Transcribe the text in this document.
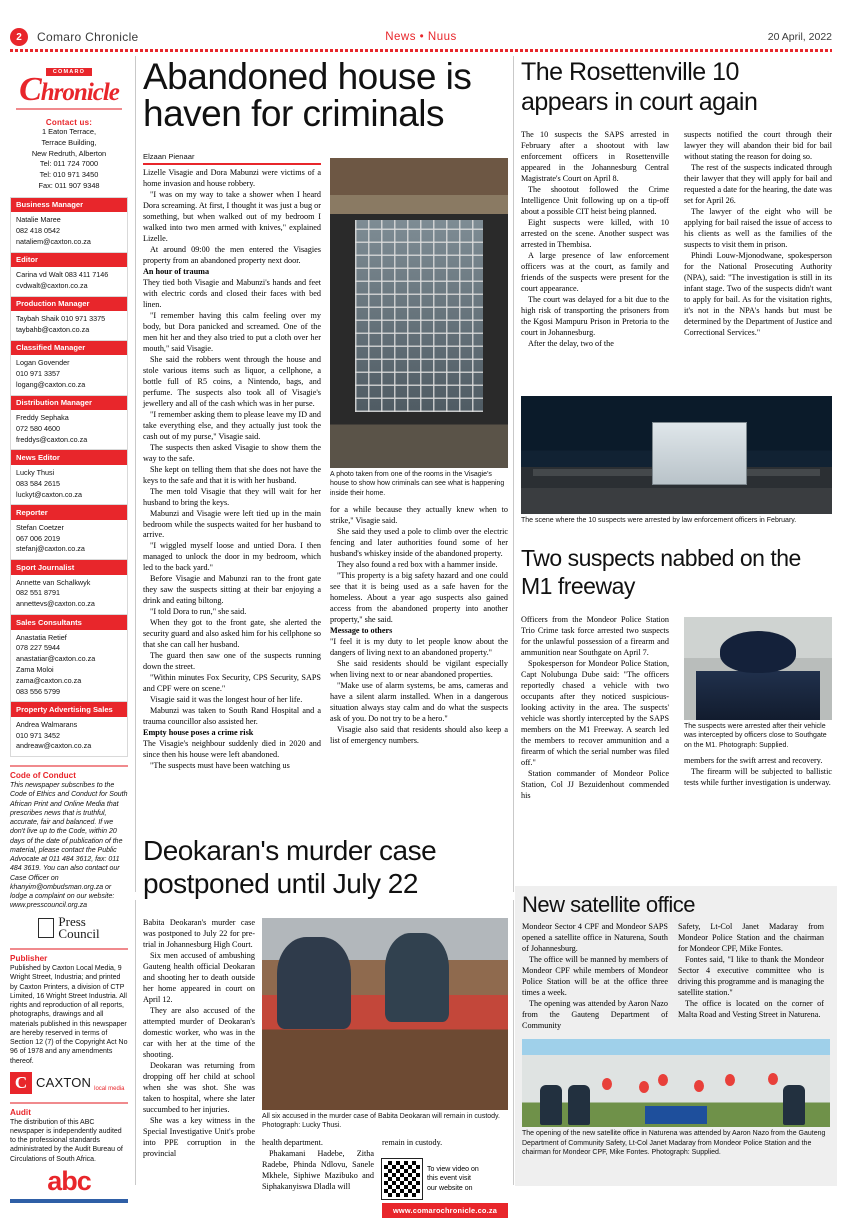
2	Comaro Chronicle	News • Nuus	20 April, 2022
COMARO
Chronicle
Contact us:
1 Eaton Terrace,
Terrace Building,
New Redruth, Alberton
Tel: 011 724 7000
Tel: 010 971 3450
Fax: 011 907 9348
Business Manager
Natalie Maree
082 418 0542
nataliem@caxton.co.za
Editor
Carina vd Walt 083 411 7146
cvdwalt@caxton.co.za
Production Manager
Taybah Shaik 010 971 3375
taybahb@caxton.co.za
Classified Manager
Logan Govender
010 971 3357
logang@caxton.co.za
Distribution Manager
Freddy Sephaka
072 580 4600
freddys@caxton.co.za
News Editor
Lucky Thusi
083 584 2615
luckyt@caxton.co.za
Reporter
Stefan Coetzer
067 006 2019
stefanj@caxton.co.za
Sport Journalist
Annette van Schalkwyk
082 551 8791
annettevs@caxton.co.za
Sales Consultants
Anastatia Retief
078 227 5944
anastatiar@caxton.co.za
Zama Moloi
zama@caxton.co.za
083 556 5799
Property Advertising Sales
Andrea Walmarans
010 971 3452
andreaw@caxton.co.za
Code of Conduct
This newspaper subscribes to the Code of Ethics and Conduct for South African Print and Online Media that prescribes news that is truthful, accurate, fair and balanced. If we don't live up to the Code, within 20 days of the date of publication of the material, please contact the Public Advocate at 011 484 3612, fax: 011 484 3619. You can also contact our Case Officer on khanyim@ombudsman.org.za or lodge a complaint on our website: www.presscouncil.org.za
Press
Council
Publisher
Published by Caxton Local Media, 9 Wright Street, Industria; and printed by Caxton Printers, a division of CTP Limited, 16 Wright Street Industria. All rights and reproduction of all reports, photographs, drawings and all materials published in this newspaper are hereby reserved in terms of Section 12 (7) of the Copyright Act No 96 of 1978 and any amendments thereof.
C CAXTON local media
Audit
The distribution of this ABC newspaper is independently audited to the professional standards administrated by the Audit Bureau of Circulations of South Africa.
abc
Abandoned house is haven for criminals
Elzaan Pienaar

Lizelle Visagie and Dora Mabunzi were victims of a home invasion and house robbery.

"I was on my way to take a shower when I heard Dora screaming. At first, I thought it was just a bug or something, but when walked out of my bedroom I walked into two men armed with knives," explained Lizelle.

At around 09:00 the men entered the Visagies property from an abandoned property next door.

An hour of trauma

They tied both Visagie and Mabunzi's hands and feet with electric cords and closed their faces with bed linen.

"I remember having this calm feeling over my body, but Dora panicked and screamed. One of the men hit her and they also tried to put a cloth over her mouth," said Visagie.

She said the robbers went through the house and stole various items such as liquor, a cellphone, a bottle full of R5 coins, a Nintendo, bags, and perfume. The suspects also took all of Visagie's jewellery and all of the cash which was in her purse.

"I remember asking them to please leave my ID and take everything else, and they actually just took the cash out of my purse," Visagie said.

The suspects then asked Visagie to show them the way to the safe.

She kept on telling them that she does not have the keys to the safe and that it is with her husband.

The men told Visagie that they will wait for her husband to bring the keys.

Mabunzi and Visagie were left tied up in the main bedroom while the suspects waited for her husband to arrive.

"I wiggled myself loose and untied Dora. I then managed to unlock the door in my bedroom, which led to the back yard."

Before Visagie and Mabunzi ran to the front gate they saw the suspects sitting at their bar enjoying a drink and eating biltong.

"I told Dora to run," she said.

When they got to the front gate, she alerted the security guard and also asked him for his cellphone so that she can call her husband.

The guard then saw one of the suspects running down the street.

"Within minutes Fox Security, CPS Security, SAPS and CPF were on scene."

Visagie said it was the longest hour of her life.

Mabunzi was taken to South Rand Hospital and a trauma councillor also assisted her.

Empty house poses a crime risk

The Visagie's neighbour suddenly died in 2020 and since then his house were left abandoned.

"The suspects must have been watching us

A photo taken from one of the rooms in the Visagie's house to show how criminals can see what is happening inside their home.

for a while because they actually knew when to strike," Visagie said.

She said they used a pole to climb over the electric fencing and later authorities found some of her husband's whiskey inside of the abandoned property.

They also found a red box with a hammer inside.

"This property is a big safety hazard and one could see that it is being used as a safe haven for the homeless. About a year ago suspects also gained access from the abandoned property into another property," she said.

Message to others

"I feel it is my duty to let people know about the dangers of living next to an abandoned property."

She said residents should be vigilant especially when living next to or near abandoned properties.

"Make use of alarm systems, be ams, cameras and have a silent alarm installed. When in a dangerous situation always stay calm and do what the suspects ask of you. Do not try to be a hero."

Visagie also said that residents should also keep a list of emergency numbers.

The Rosettenville 10 appears in court again

The 10 suspects the SAPS arrested in February after a shootout with law enforcement officers in Rosettenville appeared in the Johannesburg Central Magistrate's Court on April 8.

The shootout followed the Crime Intelligence Unit following up on a tip-off about a possible CIT heist being planned.

Eight suspects were killed, with 10 arrested on the scene. Another suspect was arrested in Thembisa.

A large presence of law enforcement officers was at the court, as family and friends of the suspects were present for the court appearance.

The court was delayed for a bit due to the high risk of transporting the prisoners from the Kgosi Mampuru Prison in Pretoria to the court in Johannesburg.

After the delay, two of the

suspects notified the court through their lawyer they will abandon their bid for bail without stating the reason for doing so.

The rest of the suspects indicated through their lawyer that they will apply for bail and requested a date for the hearing, the date was set for April 26.

The lawyer of the eight who will be applying for bail raised the issue of access to his clients as well as the families of the suspects to visit them in prison.

Phindi Louw-Mjonodwane, spokesperson for the National Prosecuting Authority (NPA), said: "The investigation is still in its infant stage. Two of the suspects didn't want to apply for bail. As for the visitation rights, it's not in the NPA's hands but must be determined by the Department of Justice and Correctional Services."

The scene where the 10 suspects were arrested by law enforcement officers in February.
Two suspects nabbed on the M1 freeway

Officers from the Mondeor Police Station Trio Crime task force arrested two suspects for the unlawful possession of a firearm and ammunition near Southgate on April 7.

Spokesperson for Mondeor Police Station, Capt Nolubunga Dube said: "The officers reportedly chased a vehicle with two occupants after they noticed suspicious-looking activity in the area. The suspects' vehicle was shortly intercepted by the SAPS members on the M1 Freeway. A search led the members to recover ammunition and a firearm of which the serial number was filed off."

Station commander of Mondeor Police Station, Col JJ Bezuidenhout commended his

The suspects were arrested after their vehicle was intercepted by officers close to Southgate on the M1. Photograph: Supplied.

members for the swift arrest and recovery.

The firearm will be subjected to ballistic tests while further investigation is underway.

Deokaran's murder case postponed until July 22

Babita Deokaran's murder case was postponed to July 22 for pre-trial in Johannesburg High Court.

Six men accused of ambushing Gauteng health official Deokaran and shooting her to death outside her home appeared in court on April 12.

They are also accused of the attempted murder of Deokaran's domestic worker, who was in the car with her at the time of the shooting.

Deokaran was returning from dropping off her child at school when she was shot. She was taken to hospital, where she later succumbed to her injuries.

She was a key witness in the Special Investigative Unit's probe into PPE corruption in the provincial

All six accused in the murder case of Babita Deokaran will remain in custody. Photograph: Lucky Thusi.

health department.

Phakamani Hadebe, Zitha Radebe, Phinda Ndlovu, Sanele Mkhele, Siphiwe Mazibuko and Siphakanyiswa Dladla will

remain in custody.

To view video on
this event visit
our website on
www.comarochronicle.co.za
New satellite office

Mondeor Sector 4 CPF and Mondeor SAPS opened a satellite office in Naturena, South of Johannesburg.

The office will be manned by members of Mondeor CPF while members of Mondeor Police Station will be at the office three times a week.

The opening was attended by Aaron Nazo from the Gauteng Department of Community

Safety, Lt-Col Janet Madaray from Mondeor Police Station and the chairman for Mondeor CPF, Mike Fontes.

Fontes said, "I like to thank the Mondeor Sector 4 executive committee who is driving this programme and is managing the satellite station."

The office is located on the corner of Malta Road and Vesting Street in Naturena.

The opening of the new satellite office in Naturena was attended by Aaron Nazo from the Gauteng Department of Community Safety, Lt-Col Janet Madaray from Mondeor Police Station and the chairman for Mondeor CPF, Mike Fontes. Photograph: Supplied.
